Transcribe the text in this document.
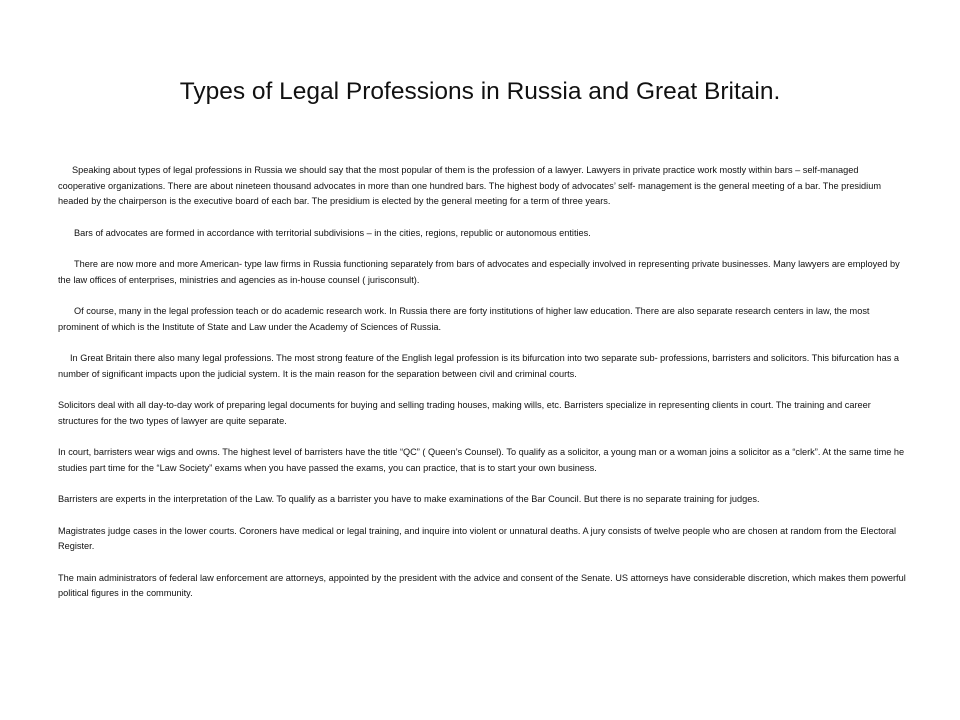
Types of Legal Professions in Russia and Great Britain.

Speaking about types of legal professions in Russia we should say that the most popular of them is the profession of a lawyer. Lawyers in private practice work mostly within bars – self-managed cooperative organizations. There are about nineteen thousand advocates in more than one hundred bars. The highest body of advocates’ self- management is the general meeting of a bar. The presidium headed by the chairperson is the executive board of each bar. The presidium is elected by the general meeting for a term of three years.

Bars of advocates are formed in accordance with territorial subdivisions – in the cities, regions, republic or autonomous entities.

There are now more and more American- type law firms in Russia functioning separately from bars of advocates and especially involved in representing private businesses. Many lawyers are employed by the law offices of enterprises, ministries and agencies as in-house counsel ( jurisconsult).

Of course, many in the legal profession teach or do academic research work. In Russia there are forty institutions of higher law education. There are also separate research centers in law, the most prominent of which is the Institute of State and Law under the Academy of Sciences of Russia.

In Great Britain there also many legal professions. The most strong feature of the English legal profession is its bifurcation into two separate sub- professions, barristers and solicitors. This bifurcation has a number of significant impacts upon the judicial system. It is the main reason for the separation between civil and criminal courts.

Solicitors deal with all day-to-day work of preparing legal documents for buying and selling trading houses, making wills, etc. Barristers specialize in representing clients in court. The training and career structures for the two types of lawyer are quite separate.

In court, barristers wear wigs and owns. The highest level of barristers have the title “QC” ( Queen’s Counsel). To qualify as a solicitor, a young man or a woman joins a solicitor as a “clerk”. At the same time he studies part time for the “Law Society” exams when you have passed the exams, you can practice, that is to start your own business.

Barristers are experts in the interpretation of the Law. To qualify as a barrister you have to make examinations of the Bar Council. But there is no separate training for judges.

Magistrates judge cases in the lower courts. Coroners have medical or legal training, and inquire into violent or unnatural deaths. A jury consists of twelve people who are chosen at random from the Electoral Register.

The main administrators of federal law enforcement are attorneys, appointed by the president with the advice and consent of the Senate. US attorneys have considerable discretion, which makes them powerful political figures in the community.
